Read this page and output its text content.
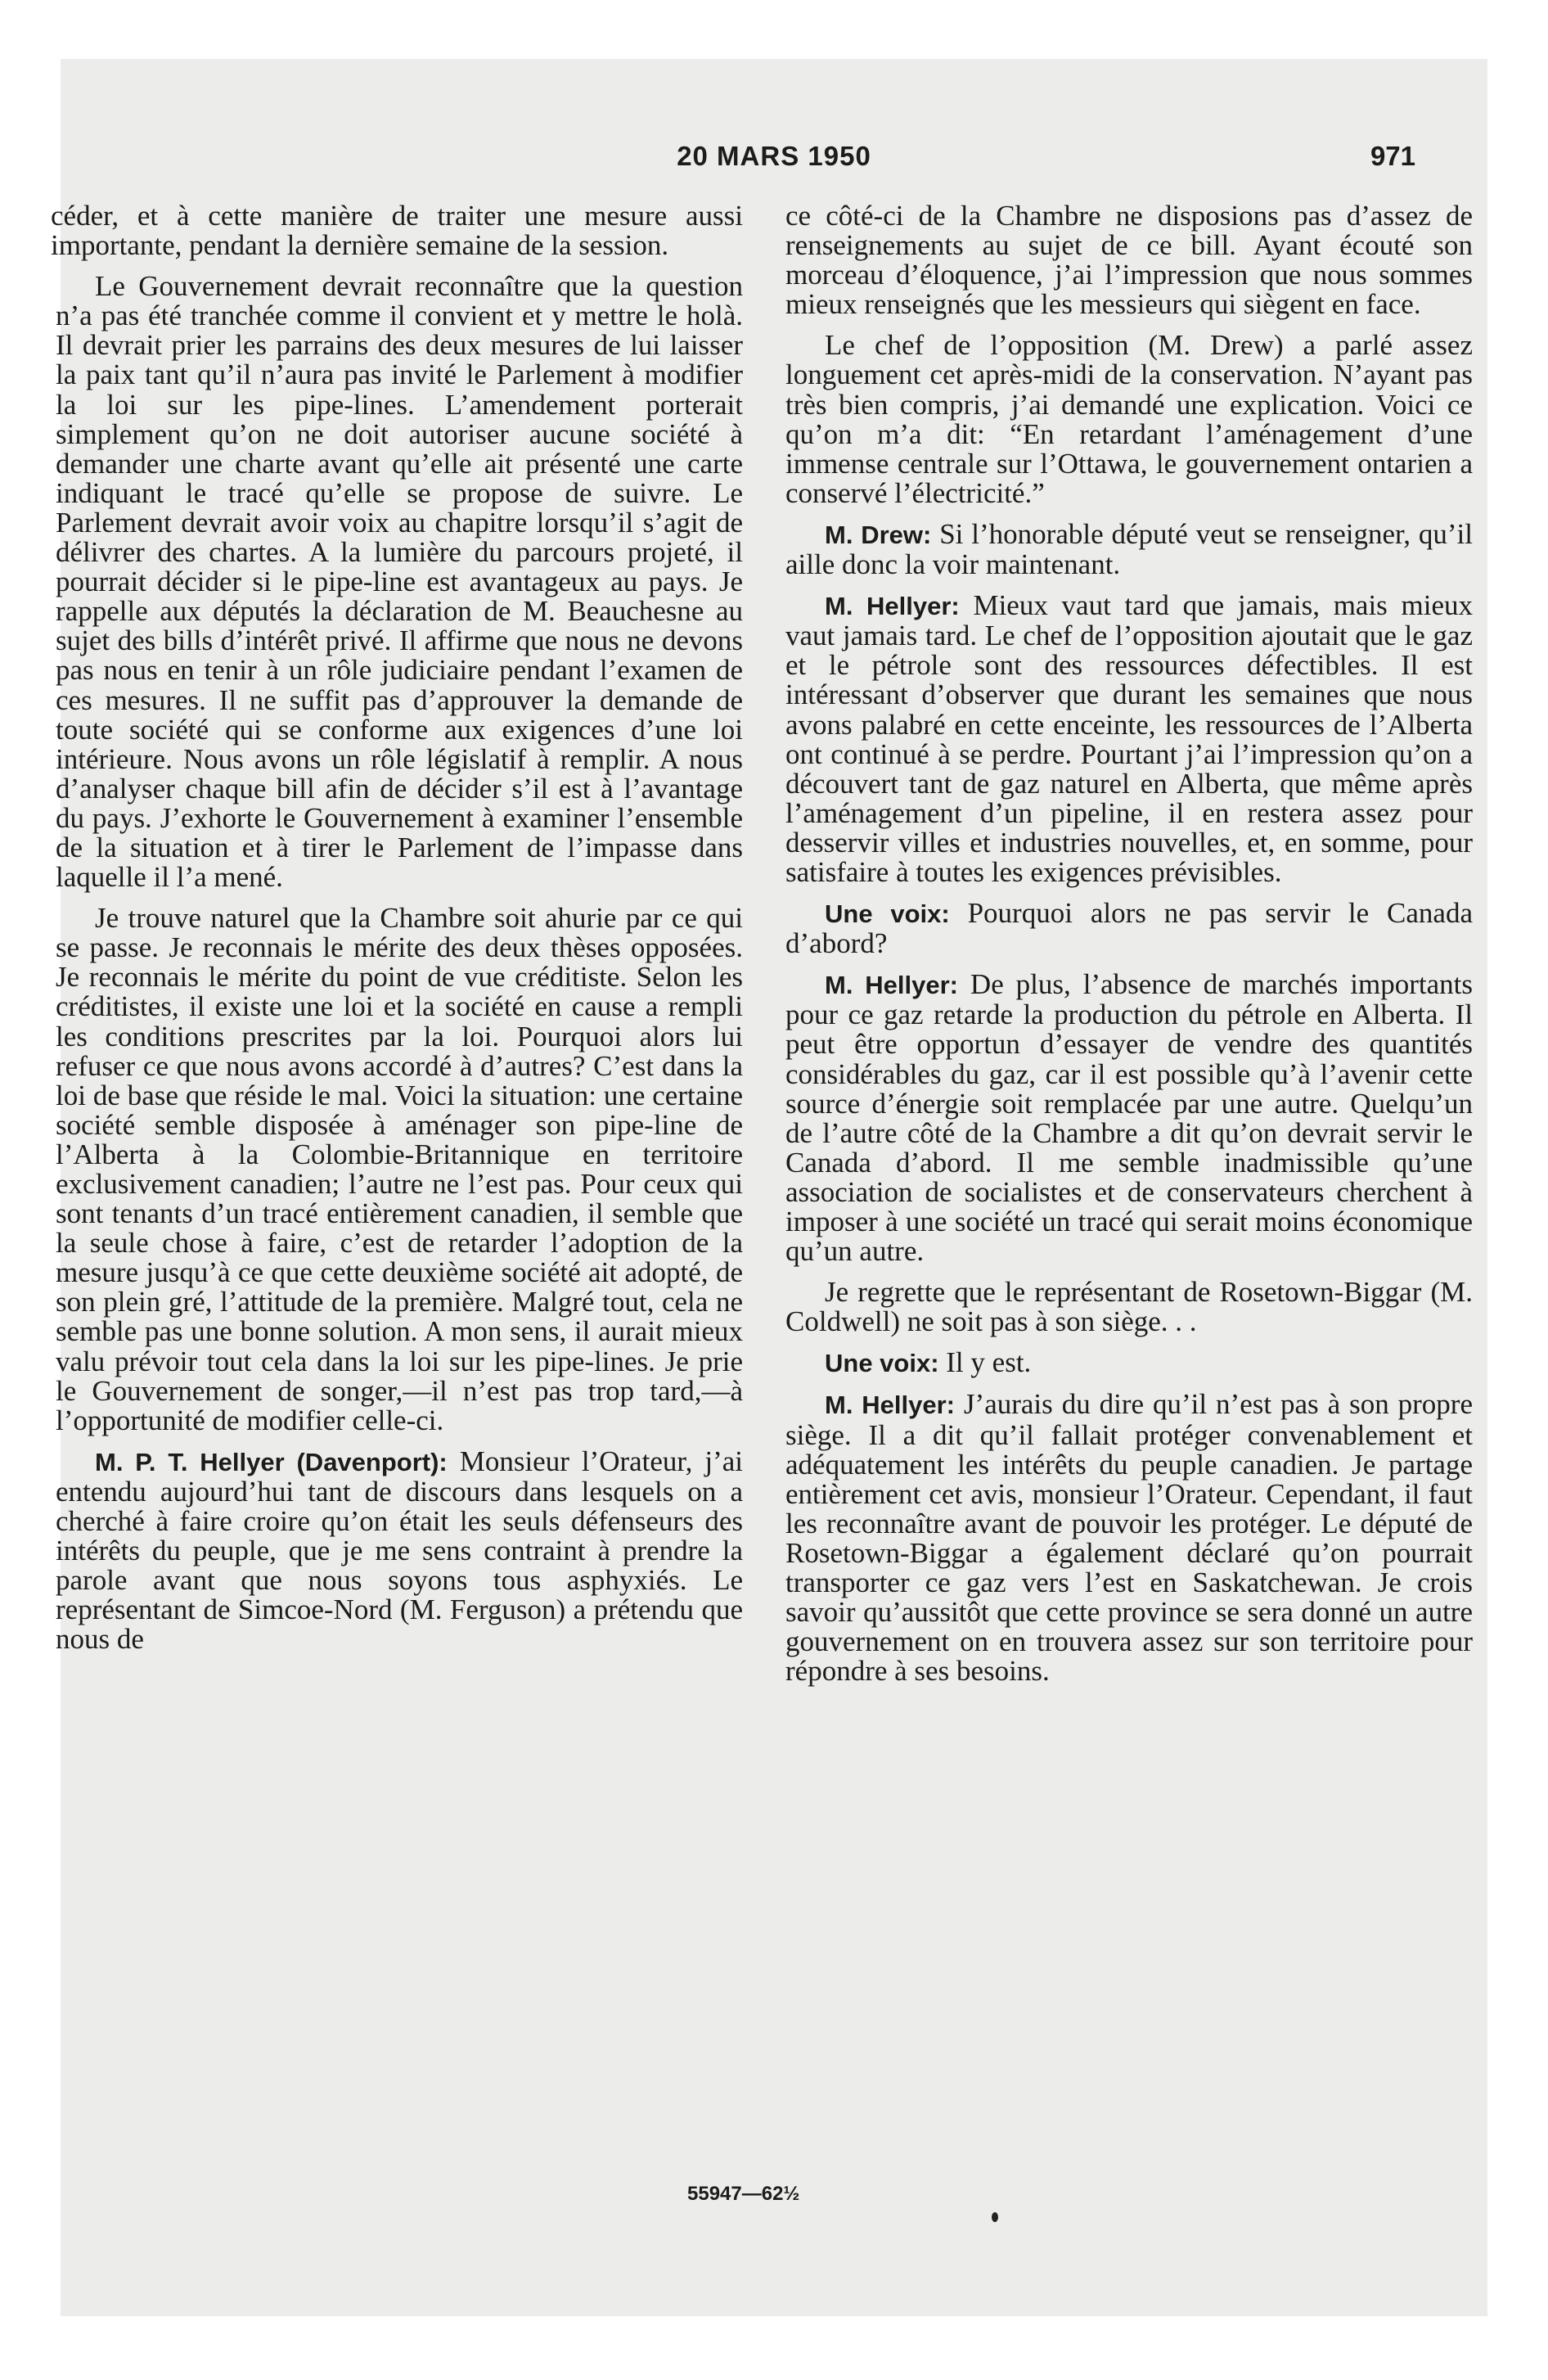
20 MARS 1950	971

céder, et à cette manière de traiter une mesure aussi importante, pendant la dernière semaine de la session.

Le Gouvernement devrait reconnaître que la question n’a pas été tranchée comme il convient et y mettre le holà. Il devrait prier les parrains des deux mesures de lui laisser la paix tant qu’il n’aura pas invité le Parlement à modifier la loi sur les pipe-lines. L’amendement porterait simplement qu’on ne doit autoriser aucune société à demander une charte avant qu’elle ait présenté une carte indiquant le tracé qu’elle se propose de suivre. Le Parlement devrait avoir voix au chapitre lorsqu’il s’agit de délivrer des chartes. A la lumière du parcours projeté, il pourrait décider si le pipe-line est avantageux au pays. Je rappelle aux députés la déclaration de M. Beauchesne au sujet des bills d’intérêt privé. Il affirme que nous ne devons pas nous en tenir à un rôle judiciaire pendant l’examen de ces mesures. Il ne suffit pas d’approuver la demande de toute société qui se conforme aux exigences d’une loi intérieure. Nous avons un rôle législatif à remplir. A nous d’analyser chaque bill afin de décider s’il est à l’avantage du pays. J’exhorte le Gouvernement à examiner l’ensemble de la situation et à tirer le Parlement de l’impasse dans laquelle il l’a mené.

Je trouve naturel que la Chambre soit ahurie par ce qui se passe. Je reconnais le mérite des deux thèses opposées. Je reconnais le mérite du point de vue créditiste. Selon les créditistes, il existe une loi et la société en cause a rempli les conditions prescrites par la loi. Pourquoi alors lui refuser ce que nous avons accordé à d’autres? C’est dans la loi de base que réside le mal. Voici la situation: une certaine société semble disposée à aménager son pipe-line de l’Alberta à la Colombie-Britannique en territoire exclusivement canadien; l’autre ne l’est pas. Pour ceux qui sont tenants d’un tracé entièrement canadien, il semble que la seule chose à faire, c’est de retarder l’adoption de la mesure jusqu’à ce que cette deuxième société ait adopté, de son plein gré, l’attitude de la première. Malgré tout, cela ne semble pas une bonne solution. A mon sens, il aurait mieux valu prévoir tout cela dans la loi sur les pipe-lines. Je prie le Gouvernement de songer,—il n’est pas trop tard,—à l’opportunité de modifier celle-ci.

M. P. T. Hellyer (Davenport): Monsieur l’Orateur, j’ai entendu aujourd’hui tant de discours dans lesquels on a cherché à faire croire qu’on était les seuls défenseurs des intérêts du peuple, que je me sens contraint à prendre la parole avant que nous soyons tous asphyxiés. Le représentant de Simcoe-Nord (M. Ferguson) a prétendu que nous de

ce côté-ci de la Chambre ne disposions pas d’assez de renseignements au sujet de ce bill. Ayant écouté son morceau d’éloquence, j’ai l’impression que nous sommes mieux renseignés que les messieurs qui siègent en face.

Le chef de l’opposition (M. Drew) a parlé assez longuement cet après-midi de la conservation. N’ayant pas très bien compris, j’ai demandé une explication. Voici ce qu’on m’a dit: “En retardant l’aménagement d’une immense centrale sur l’Ottawa, le gouvernement ontarien a conservé l’électricité.”

M. Drew: Si l’honorable député veut se renseigner, qu’il aille donc la voir maintenant.

M. Hellyer: Mieux vaut tard que jamais, mais mieux vaut jamais tard. Le chef de l’opposition ajoutait que le gaz et le pétrole sont des ressources défectibles. Il est intéressant d’observer que durant les semaines que nous avons palabré en cette enceinte, les ressources de l’Alberta ont continué à se perdre. Pourtant j’ai l’impression qu’on a découvert tant de gaz naturel en Alberta, que même après l’aménagement d’un pipeline, il en restera assez pour desservir villes et industries nouvelles, et, en somme, pour satisfaire à toutes les exigences prévisibles.

Une voix: Pourquoi alors ne pas servir le Canada d’abord?

M. Hellyer: De plus, l’absence de marchés importants pour ce gaz retarde la production du pétrole en Alberta. Il peut être opportun d’essayer de vendre des quantités considérables du gaz, car il est possible qu’à l’avenir cette source d’énergie soit remplacée par une autre. Quelqu’un de l’autre côté de la Chambre a dit qu’on devrait servir le Canada d’abord. Il me semble inadmissible qu’une association de socialistes et de conservateurs cherchent à imposer à une société un tracé qui serait moins économique qu’un autre.

Je regrette que le représentant de Rosetown-Biggar (M. Coldwell) ne soit pas à son siège. . .

Une voix: Il y est.

M. Hellyer: J’aurais du dire qu’il n’est pas à son propre siège. Il a dit qu’il fallait protéger convenablement et adéquatement les intérêts du peuple canadien. Je partage entièrement cet avis, monsieur l’Orateur. Cependant, il faut les reconnaître avant de pouvoir les protéger. Le député de Rosetown-Biggar a également déclaré qu’on pourrait transporter ce gaz vers l’est en Saskatchewan. Je crois savoir qu’aussitôt que cette province se sera donné un autre gouvernement on en trouvera assez sur son territoire pour répondre à ses besoins.

55947—62½
